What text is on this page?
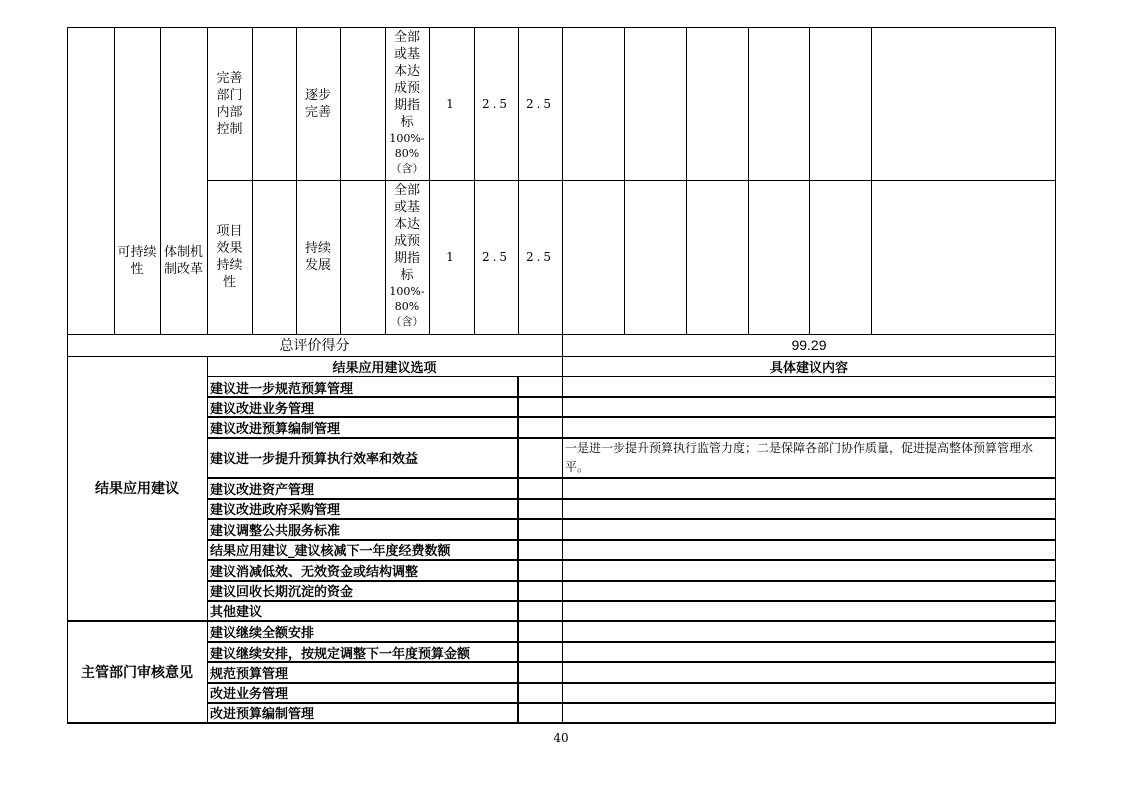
可持续性
体制机制改革
完善部门内部控制
逐步完善
全部
或基
本达
成预
期指
标
100%-
80%
（含）
1 2.5 2.5
项目效果持续性
持续发展
全部
或基
本达
成预
期指
标
100%-
80%
（含）
1 2.5 2.5
总评价得分	99.29
结果应用建议
结果应用建议选项	具体建议内容
建议进一步规范预算管理
建议改进业务管理
建议改进预算编制管理
建议进一步提升预算执行效率和效益
建议改进资产管理
建议改进政府采购管理
建议调整公共服务标准
结果应用建议_建议核减下一年度经费数额
建议消减低效、无效资金或结构调整
建议回收长期沉淀的资金
其他建议
一是进一步提升预算执行监管力度；二是保障各部门协作质量，促进提高整体预算管理水平。
主管部门审核意见
建议继续全额安排
建议继续安排，按规定调整下一年度预算金额
规范预算管理
改进业务管理
改进预算编制管理
40
